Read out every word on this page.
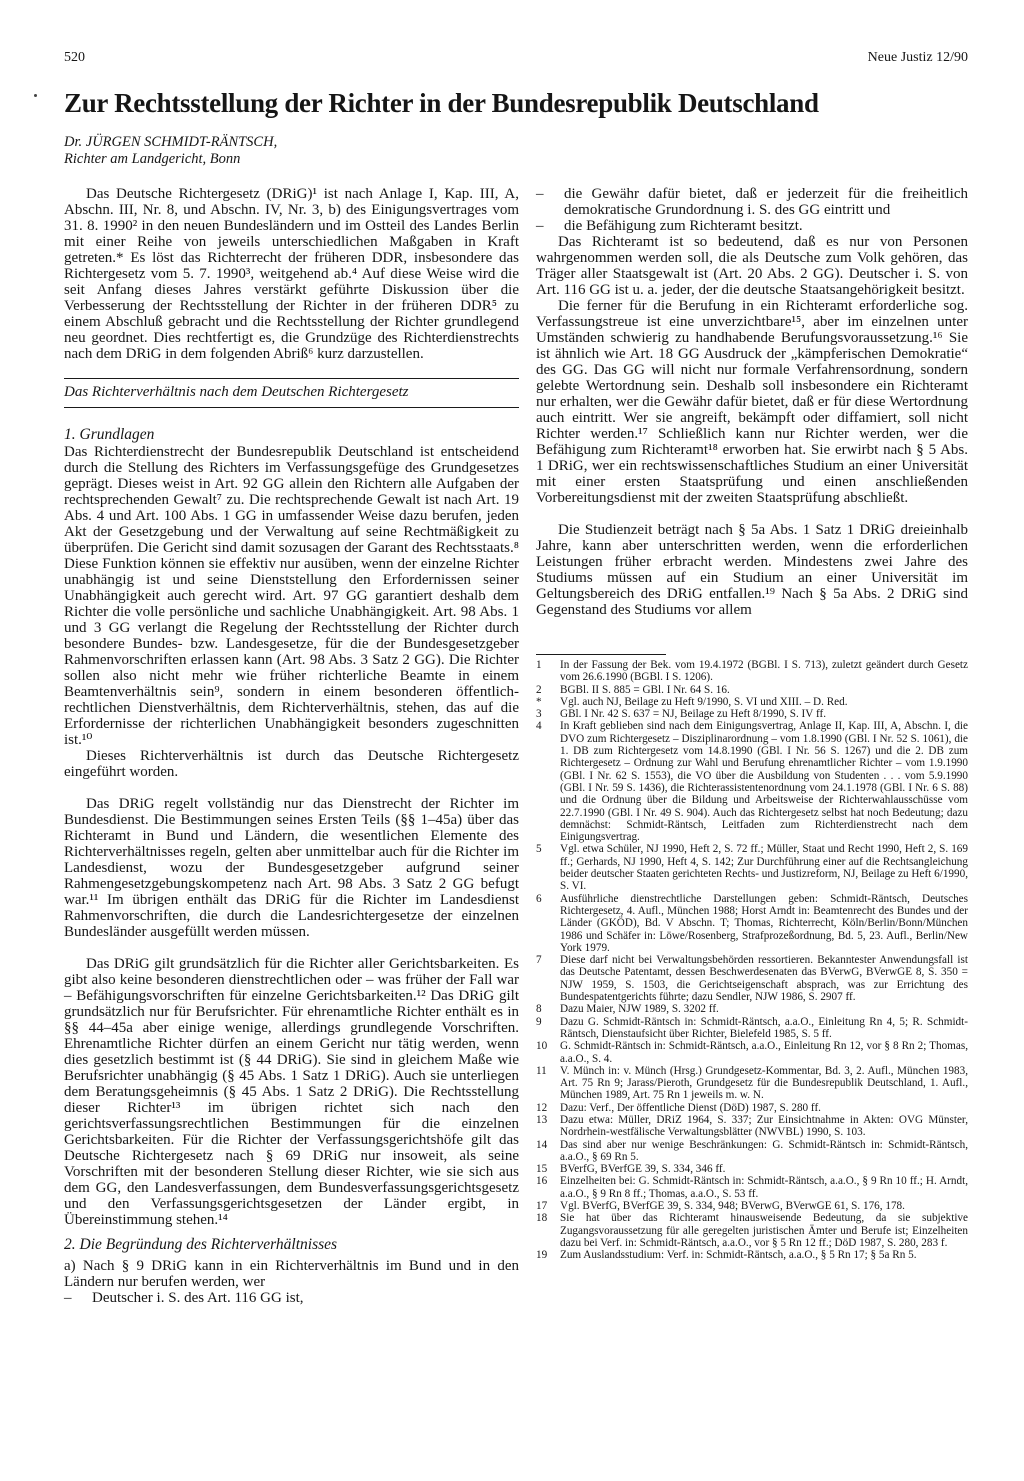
520	Neue Justiz 12/90
Zur Rechtsstellung der Richter in der Bundesrepublik Deutschland
Dr. JÜRGEN SCHMIDT-RÄNTSCH,
Richter am Landgericht, Bonn

Das Deutsche Richtergesetz (DRiG)¹ ist nach Anlage I, Kap. III, A, Abschn. III, Nr. 8, und Abschn. IV, Nr. 3, b) des Einigungsvertrages vom 31. 8. 1990² in den neuen Bundesländern und im Ostteil des Landes Berlin mit einer Reihe von jeweils unterschiedlichen Maßgaben in Kraft getreten.* Es löst das Richterrecht der früheren DDR, insbesondere das Richtergesetz vom 5. 7. 1990³, weitgehend ab.⁴ Auf diese Weise wird die seit Anfang dieses Jahres verstärkt geführte Diskussion über die Verbesserung der Rechtsstellung der Richter in der früheren DDR⁵ zu einem Abschluß gebracht und die Rechtsstellung der Richter grundlegend neu geordnet. Dies rechtfertigt es, die Grundzüge des Richterdienstrechts nach dem DRiG in dem folgenden Abriß⁶ kurz darzustellen.

Das Richterverhältnis nach dem Deutschen Richtergesetz
1. Grundlagen

Das Richterdienstrecht der Bundesrepublik Deutschland ist entscheidend durch die Stellung des Richters im Verfassungsgefüge des Grundgesetzes geprägt. Dieses weist in Art. 92 GG allein den Richtern alle Aufgaben der rechtsprechenden Gewalt⁷ zu. Die rechtsprechende Gewalt ist nach Art. 19 Abs. 4 und Art. 100 Abs. 1 GG in umfassender Weise dazu berufen, jeden Akt der Gesetzgebung und der Verwaltung auf seine Rechtmäßigkeit zu überprüfen. Die Gericht sind damit sozusagen der Garant des Rechtsstaats.⁸ Diese Funktion können sie effektiv nur ausüben, wenn der einzelne Richter unabhängig ist und seine Dienststellung den Erfordernissen seiner Unabhängigkeit auch gerecht wird. Art. 97 GG garantiert deshalb dem Richter die volle persönliche und sachliche Unabhängigkeit. Art. 98 Abs. 1 und 3 GG verlangt die Regelung der Rechtsstellung der Richter durch besondere Bundes- bzw. Landesgesetze, für die der Bundesgesetzgeber Rahmenvorschriften erlassen kann (Art. 98 Abs. 3 Satz 2 GG). Die Richter sollen also nicht mehr wie früher richterliche Beamte in einem Beamtenverhältnis sein⁹, sondern in einem besonderen öffentlich-rechtlichen Dienstverhältnis, dem Richterverhältnis, stehen, das auf die Erfordernisse der richterlichen Unabhängigkeit besonders zugeschnitten ist.¹⁰

Dieses Richterverhältnis ist durch das Deutsche Richtergesetz eingeführt worden.

Das DRiG regelt vollständig nur das Dienstrecht der Richter im Bundesdienst. Die Bestimmungen seines Ersten Teils (§§ 1–45a) über das Richteramt in Bund und Ländern, die wesentlichen Elemente des Richterverhältnisses regeln, gelten aber unmittelbar auch für die Richter im Landesdienst, wozu der Bundesgesetzgeber aufgrund seiner Rahmengesetzgebungskompetenz nach Art. 98 Abs. 3 Satz 2 GG befugt war.¹¹ Im übrigen enthält das DRiG für die Richter im Landesdienst Rahmenvorschriften, die durch die Landesrichtergesetze der einzelnen Bundesländer ausgefüllt werden müssen.

Das DRiG gilt grundsätzlich für die Richter aller Gerichtsbarkeiten. Es gibt also keine besonderen dienstrechtlichen oder – was früher der Fall war – Befähigungsvorschriften für einzelne Gerichtsbarkeiten.¹² Das DRiG gilt grundsätzlich nur für Berufsrichter. Für ehrenamtliche Richter enthält es in §§ 44–45a aber einige wenige, allerdings grundlegende Vorschriften. Ehrenamtliche Richter dürfen an einem Gericht nur tätig werden, wenn dies gesetzlich bestimmt ist (§ 44 DRiG). Sie sind in gleichem Maße wie Berufsrichter unabhängig (§ 45 Abs. 1 Satz 1 DRiG). Auch sie unterliegen dem Beratungsgeheimnis (§ 45 Abs. 1 Satz 2 DRiG). Die Rechtsstellung dieser Richter¹³ im übrigen richtet sich nach den gerichtsverfassungsrechtlichen Bestimmungen für die einzelnen Gerichtsbarkeiten. Für die Richter der Verfassungsgerichtshöfe gilt das Deutsche Richtergesetz nach § 69 DRiG nur insoweit, als seine Vorschriften mit der besonderen Stellung dieser Richter, wie sie sich aus dem GG, den Landesverfassungen, dem Bundesverfassungsgerichtsgesetz und den Verfassungsgerichtsgesetzen der Länder ergibt, in Übereinstimmung stehen.¹⁴

2. Die Begründung des Richterverhältnisses

a) Nach § 9 DRiG kann in ein Richterverhältnis im Bund und in den Ländern nur berufen werden, wer

–	Deutscher i. S. des Art. 116 GG ist,
–	die Gewähr dafür bietet, daß er jederzeit für die freiheitlich demokratische Grundordnung i. S. des GG eintritt und
–	die Befähigung zum Richteramt besitzt.

Das Richteramt ist so bedeutend, daß es nur von Personen wahrgenommen werden soll, die als Deutsche zum Volk gehören, das Träger aller Staatsgewalt ist (Art. 20 Abs. 2 GG). Deutscher i. S. von Art. 116 GG ist u. a. jeder, der die deutsche Staatsangehörigkeit besitzt.

Die ferner für die Berufung in ein Richteramt erforderliche sog. Verfassungstreue ist eine unverzichtbare¹⁵, aber im einzelnen unter Umständen schwierig zu handhabende Berufungsvoraussetzung.¹⁶ Sie ist ähnlich wie Art. 18 GG Ausdruck der „kämpferischen Demokratie“ des GG. Das GG will nicht nur formale Verfahrensordnung, sondern gelebte Wertordnung sein. Deshalb soll insbesondere ein Richteramt nur erhalten, wer die Gewähr dafür bietet, daß er für diese Wertordnung auch eintritt. Wer sie angreift, bekämpft oder diffamiert, soll nicht Richter werden.¹⁷ Schließlich kann nur Richter werden, wer die Befähigung zum Richteramt¹⁸ erworben hat. Sie erwirbt nach § 5 Abs. 1 DRiG, wer ein rechtswissenschaftliches Studium an einer Universität mit einer ersten Staatsprüfung und einen anschließenden Vorbereitungsdienst mit der zweiten Staatsprüfung abschließt.

Die Studienzeit beträgt nach § 5a Abs. 1 Satz 1 DRiG dreieinhalb Jahre, kann aber unterschritten werden, wenn die erforderlichen Leistungen früher erbracht werden. Mindestens zwei Jahre des Studiums müssen auf ein Studium an einer Universität im Geltungsbereich des DRiG entfallen.¹⁹ Nach § 5a Abs. 2 DRiG sind Gegenstand des Studiums vor allem

1	In der Fassung der Bek. vom 19.4.1972 (BGBl. I S. 713), zuletzt geändert durch Gesetz vom 26.6.1990 (BGBl. I S. 1206).
2	BGBl. II S. 885 = GBl. I Nr. 64 S. 16.
*	Vgl. auch NJ, Beilage zu Heft 9/1990, S. VI und XIII. – D. Red.
3	GBl. I Nr. 42 S. 637 = NJ, Beilage zu Heft 8/1990, S. IV ff.
4	In Kraft geblieben sind nach dem Einigungsvertrag, Anlage II, Kap. III, A, Abschn. I, die DVO zum Richtergesetz – Disziplinarordnung – vom 1.8.1990 (GBl. I Nr. 52 S. 1061), die 1. DB zum Richtergesetz vom 14.8.1990 (GBl. I Nr. 56 S. 1267) und die 2. DB zum Richtergesetz – Ordnung zur Wahl und Berufung ehrenamtlicher Richter – vom 1.9.1990 (GBl. I Nr. 62 S. 1553), die VO über die Ausbildung von Studenten . . . vom 5.9.1990 (GBl. I Nr. 59 S. 1436), die Richterassistentenordnung vom 24.1.1978 (GBl. I Nr. 6 S. 88) und die Ordnung über die Bildung und Arbeitsweise der Richterwahlausschüsse vom 22.7.1990 (GBl. I Nr. 49 S. 904). Auch das Richtergesetz selbst hat noch Bedeutung; dazu demnächst: Schmidt-Räntsch, Leitfaden zum Richterdienstrecht nach dem Einigungsvertrag.
5	Vgl. etwa Schüler, NJ 1990, Heft 2, S. 72 ff.; Müller, Staat und Recht 1990, Heft 2, S. 169 ff.; Gerhards, NJ 1990, Heft 4, S. 142; Zur Durchführung einer auf die Rechtsangleichung beider deutscher Staaten gerichteten Rechts- und Justizreform, NJ, Beilage zu Heft 6/1990, S. VI.
6	Ausführliche dienstrechtliche Darstellungen geben: Schmidt-Räntsch, Deutsches Richtergesetz, 4. Aufl., München 1988; Horst Arndt in: Beamtenrecht des Bundes und der Länder (GKÖD), Bd. V Abschn. T; Thomas, Richterrecht, Köln/Berlin/Bonn/München 1986 und Schäfer in: Löwe/Rosenberg, Strafprozeßordnung, Bd. 5, 23. Aufl., Berlin/New York 1979.
7	Diese darf nicht bei Verwaltungsbehörden ressortieren. Bekanntester Anwendungsfall ist das Deutsche Patentamt, dessen Beschwerdesenaten das BVerwG, BVerwGE 8, S. 350 = NJW 1959, S. 1503, die Gerichtseigenschaft absprach, was zur Errichtung des Bundespatentgerichts führte; dazu Sendler, NJW 1986, S. 2907 ff.
8	Dazu Maier, NJW 1989, S. 3202 ff.
9	Dazu G. Schmidt-Räntsch in: Schmidt-Räntsch, a.a.O., Einleitung Rn 4, 5; R. Schmidt-Räntsch, Dienstaufsicht über Richter, Bielefeld 1985, S. 5 ff.
10	G. Schmidt-Räntsch in: Schmidt-Räntsch, a.a.O., Einleitung Rn 12, vor § 8 Rn 2; Thomas, a.a.O., S. 4.
11	V. Münch in: v. Münch (Hrsg.) Grundgesetz-Kommentar, Bd. 3, 2. Aufl., München 1983, Art. 75 Rn 9; Jarass/Pieroth, Grundgesetz für die Bundesrepublik Deutschland, 1. Aufl., München 1989, Art. 75 Rn 1 jeweils m. w. N.
12	Dazu: Verf., Der öffentliche Dienst (DöD) 1987, S. 280 ff.
13	Dazu etwa: Müller, DRiZ 1964, S. 337; Zur Einsichtnahme in Akten: OVG Münster, Nordrhein-westfälische Verwaltungsblätter (NWVBL) 1990, S. 103.
14	Das sind aber nur wenige Beschränkungen: G. Schmidt-Räntsch in: Schmidt-Räntsch, a.a.O., § 69 Rn 5.
15	BVerfG, BVerfGE 39, S. 334, 346 ff.
16	Einzelheiten bei: G. Schmidt-Räntsch in: Schmidt-Räntsch, a.a.O., § 9 Rn 10 ff.; H. Arndt, a.a.O., § 9 Rn 8 ff.; Thomas, a.a.O., S. 53 ff.
17	Vgl. BVerfG, BVerfGE 39, S. 334, 948; BVerwG, BVerwGE 61, S. 176, 178.
18	Sie hat über das Richteramt hinausweisende Bedeutung, da sie subjektive Zugangsvoraussetzung für alle geregelten juristischen Ämter und Berufe ist; Einzelheiten dazu bei Verf. in: Schmidt-Räntsch, a.a.O., vor § 5 Rn 12 ff.; DöD 1987, S. 280, 283 f.
19	Zum Auslandsstudium: Verf. in: Schmidt-Räntsch, a.a.O., § 5 Rn 17; § 5a Rn 5.
